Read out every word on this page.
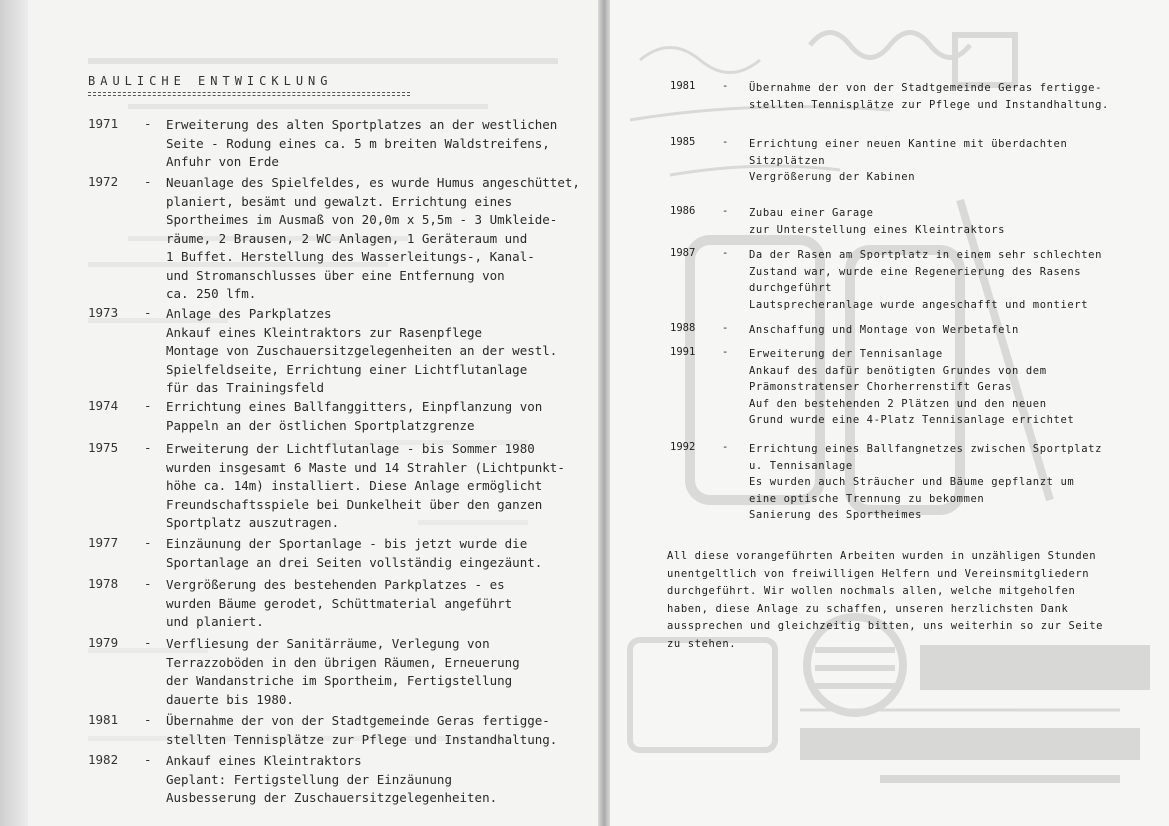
BAULICHE ENTWICKLUNG
1971	-	Erweiterung des alten Sportplatzes an der westlichen
Seite - Rodung eines ca. 5 m breiten Waldstreifens,
Anfuhr von Erde
1972	-	Neuanlage des Spielfeldes, es wurde Humus angeschüttet,
planiert, besämt und gewalzt. Errichtung eines
Sportheimes im Ausmaß von 20,0m x 5,5m - 3 Umkleide-
räume, 2 Brausen, 2 WC Anlagen, 1 Geräteraum und
1 Buffet. Herstellung des Wasserleitungs-, Kanal-
und Stromanschlusses über eine Entfernung von
ca. 250 lfm.
1973	-	Anlage des Parkplatzes
Ankauf eines Kleintraktors zur Rasenpflege
Montage von Zuschauersitzgelegenheiten an der westl.
Spielfeldseite, Errichtung einer Lichtflutanlage
für das Trainingsfeld
1974	-	Errichtung eines Ballfanggitters, Einpflanzung von
Pappeln an der östlichen Sportplatzgrenze
1975	-	Erweiterung der Lichtflutanlage - bis Sommer 1980
wurden insgesamt 6 Maste und 14 Strahler (Lichtpunkt-
höhe ca. 14m) installiert. Diese Anlage ermöglicht
Freundschaftsspiele bei Dunkelheit über den ganzen
Sportplatz auszutragen.
1977	-	Einzäunung der Sportanlage - bis jetzt wurde die
Sportanlage an drei Seiten vollständig eingezäunt.
1978	-	Vergrößerung des bestehenden Parkplatzes - es
wurden Bäume gerodet, Schüttmaterial angeführt
und planiert.
1979	-	Verfliesung der Sanitärräume, Verlegung von
Terrazzoböden in den übrigen Räumen, Erneuerung
der Wandanstriche im Sportheim, Fertigstellung
dauerte bis 1980.
1981	-	Übernahme der von der Stadtgemeinde Geras fertigge-
stellten Tennisplätze zur Pflege und Instandhaltung.
1982	-	Ankauf eines Kleintraktors
Geplant: Fertigstellung der Einzäunung
Ausbesserung der Zuschauersitzgelegenheiten.
1981	-	Übernahme der von der Stadtgemeinde Geras fertigge-
stellten Tennisplätze zur Pflege und Instandhaltung.
1985	-	Errichtung einer neuen Kantine mit überdachten
Sitzplätzen
Vergrößerung der Kabinen
1986	-	Zubau einer Garage
zur Unterstellung eines Kleintraktors
1987	-	Da der Rasen am Sportplatz in einem sehr schlechten
Zustand war, wurde eine Regenerierung des Rasens
durchgeführt
Lautsprecheranlage wurde angeschafft und montiert
1988	-	Anschaffung und Montage von Werbetafeln
1991	-	Erweiterung der Tennisanlage
Ankauf des dafür benötigten Grundes von dem
Prämonstratenser Chorherrenstift Geras
Auf den bestehenden 2 Plätzen und den neuen
Grund wurde eine 4-Platz Tennisanlage errichtet
1992	-	Errichtung eines Ballfangnetzes zwischen Sportplatz
u. Tennisanlage
Es wurden auch Sträucher und Bäume gepflanzt um
eine optische Trennung zu bekommen
Sanierung des Sportheimes
All diese vorangeführten Arbeiten wurden in unzähligen Stunden
unentgeltlich von freiwilligen Helfern und Vereinsmitgliedern
durchgeführt. Wir wollen nochmals allen, welche mitgeholfen
haben, diese Anlage zu schaffen, unseren herzlichsten Dank
aussprechen und gleichzeitig bitten, uns weiterhin so zur Seite
zu stehen.
